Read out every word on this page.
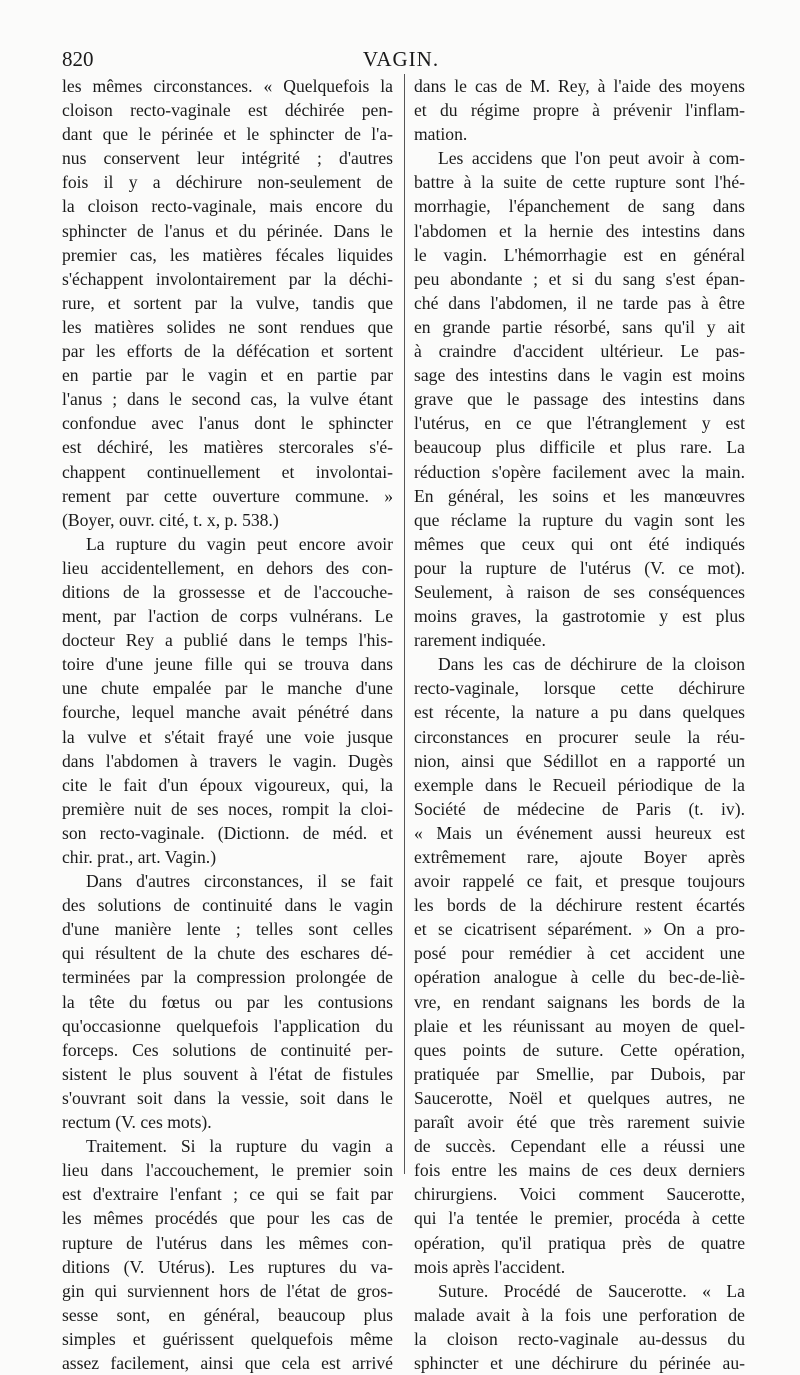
820	VAGIN.
les mêmes circonstances. « Quelquefois la
cloison recto-vaginale est déchirée pen-
dant que le périnée et le sphincter de l'a-
nus conservent leur intégrité ; d'autres
fois il y a déchirure non-seulement de
la cloison recto-vaginale, mais encore du
sphincter de l'anus et du périnée. Dans le
premier cas, les matières fécales liquides
s'échappent involontairement par la déchi-
rure, et sortent par la vulve, tandis que
les matières solides ne sont rendues que
par les efforts de la défécation et sortent
en partie par le vagin et en partie par
l'anus ; dans le second cas, la vulve étant
confondue avec l'anus dont le sphincter
est déchiré, les matières stercorales s'é-
chappent continuellement et involontai-
rement par cette ouverture commune. »
(Boyer, ouvr. cité, t. x, p. 538.)
La rupture du vagin peut encore avoir
lieu accidentellement, en dehors des con-
ditions de la grossesse et de l'accouche-
ment, par l'action de corps vulnérans. Le
docteur Rey a publié dans le temps l'his-
toire d'une jeune fille qui se trouva dans
une chute empalée par le manche d'une
fourche, lequel manche avait pénétré dans
la vulve et s'était frayé une voie jusque
dans l'abdomen à travers le vagin. Dugès
cite le fait d'un époux vigoureux, qui, la
première nuit de ses noces, rompit la cloi-
son recto-vaginale. (Dictionn. de méd. et
chir. prat., art. Vagin.)
Dans d'autres circonstances, il se fait
des solutions de continuité dans le vagin
d'une manière lente ; telles sont celles
qui résultent de la chute des eschares dé-
terminées par la compression prolongée de
la tête du fœtus ou par les contusions
qu'occasionne quelquefois l'application du
forceps. Ces solutions de continuité per-
sistent le plus souvent à l'état de fistules
s'ouvrant soit dans la vessie, soit dans le
rectum (V. ces mots).
Traitement. Si la rupture du vagin a
lieu dans l'accouchement, le premier soin
est d'extraire l'enfant ; ce qui se fait par
les mêmes procédés que pour les cas de
rupture de l'utérus dans les mêmes con-
ditions (V. Utérus). Les ruptures du va-
gin qui surviennent hors de l'état de gros-
sesse sont, en général, beaucoup plus
simples et guérissent quelquefois même
assez facilement, ainsi que cela est arrivé
dans le cas de M. Rey, à l'aide des moyens
et du régime propre à prévenir l'inflam-
mation.
Les accidens que l'on peut avoir à com-
battre à la suite de cette rupture sont l'hé-
morrhagie, l'épanchement de sang dans
l'abdomen et la hernie des intestins dans
le vagin. L'hémorrhagie est en général
peu abondante ; et si du sang s'est épan-
ché dans l'abdomen, il ne tarde pas à être
en grande partie résorbé, sans qu'il y ait
à craindre d'accident ultérieur. Le pas-
sage des intestins dans le vagin est moins
grave que le passage des intestins dans
l'utérus, en ce que l'étranglement y est
beaucoup plus difficile et plus rare. La
réduction s'opère facilement avec la main.
En général, les soins et les manœuvres
que réclame la rupture du vagin sont les
mêmes que ceux qui ont été indiqués
pour la rupture de l'utérus (V. ce mot).
Seulement, à raison de ses conséquences
moins graves, la gastrotomie y est plus
rarement indiquée.
Dans les cas de déchirure de la cloison
recto-vaginale, lorsque cette déchirure
est récente, la nature a pu dans quelques
circonstances en procurer seule la réu-
nion, ainsi que Sédillot en a rapporté un
exemple dans le Recueil périodique de la
Société de médecine de Paris (t. iv).
« Mais un événement aussi heureux est
extrêmement rare, ajoute Boyer après
avoir rappelé ce fait, et presque toujours
les bords de la déchirure restent écartés
et se cicatrisent séparément. » On a pro-
posé pour remédier à cet accident une
opération analogue à celle du bec-de-liè-
vre, en rendant saignans les bords de la
plaie et les réunissant au moyen de quel-
ques points de suture. Cette opération,
pratiquée par Smellie, par Dubois, par
Saucerotte, Noël et quelques autres, ne
paraît avoir été que très rarement suivie
de succès. Cependant elle a réussi une
fois entre les mains de ces deux derniers
chirurgiens. Voici comment Saucerotte,
qui l'a tentée le premier, procéda à cette
opération, qu'il pratiqua près de quatre
mois après l'accident.
Suture. Procédé de Saucerotte. « La
malade avait à la fois une perforation de
la cloison recto-vaginale au-dessus du
sphincter et une déchirure du périnée au-
